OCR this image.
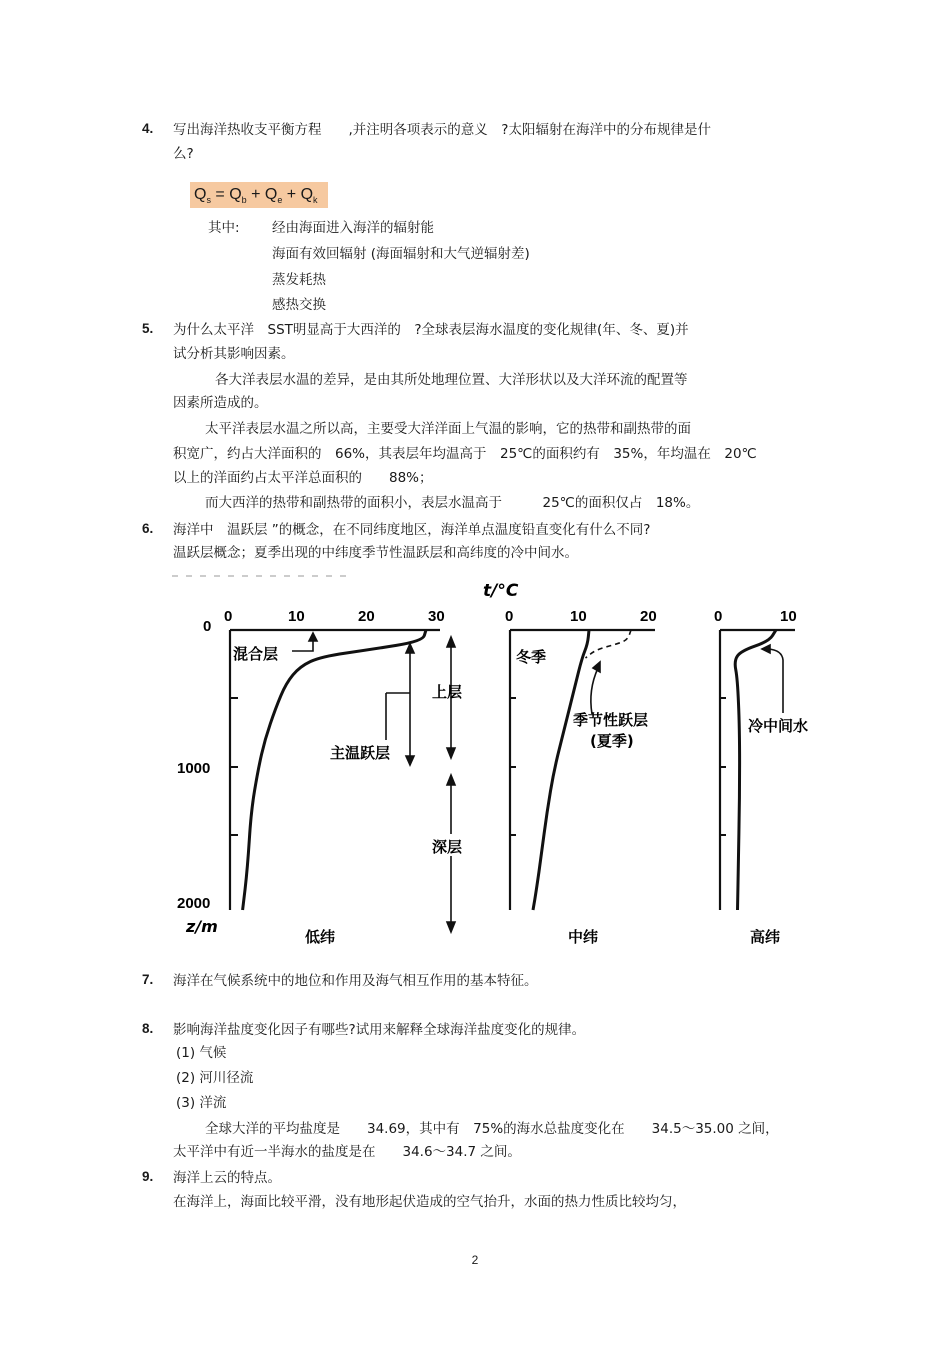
4. 写出海洋热收支平衡方程　　,并注明各项表示的意义　?太阳辐射在海洋中的分布规律是什
么?
$Q_s = Q_b + Q_e + Q_k$
其中: 经由海面进入海洋的辐射能
海面有效回辐射 (海面辐射和大气逆辐射差)
蒸发耗热
感热交换
5. 为什么太平洋　SST明显高于大西洋的　?全球表层海水温度的变化规律(年、冬、夏)并
试分析其影响因素。
各大洋表层水温的差异，是由其所处地理位置、大洋形状以及大洋环流的配置等
因素所造成的。
太平洋表层水温之所以高，主要受大洋洋面上气温的影响，它的热带和副热带的面
积宽广，约占大洋面积的　66%，其表层年均温高于　25℃的面积约有　35%，年均温在　20℃
以上的洋面约占太平洋总面积的　　88%；
而大西洋的热带和副热带的面积小，表层水温高于　　　25℃的面积仅占　18%。
6. 海洋中　温跃层 ”的概念，在不同纬度地区，海洋单点温度铅直变化有什么不同?
温跃层概念；夏季出现的中纬度季节性温跃层和高纬度的冷中间水。
t/°C
0
1000
2000
z/m
0	10	20	30	0	10	20	0	10
混合层
上层
主温跃层
深层
冬季
季节性跃层
(夏季)
冷中间水
低纬	中纬	高纬
7. 海洋在气候系统中的地位和作用及海气相互作用的基本特征。
8. 影响海洋盐度变化因子有哪些?试用来解释全球海洋盐度变化的规律。
(1) 气候
(2) 河川径流
(3) 洋流
全球大洋的平均盐度是　　34.69，其中有　75%的海水总盐度变化在　　34.5～35.00 之间，
太平洋中有近一半海水的盐度是在　　34.6～34.7 之间。
9. 海洋上云的特点。
在海洋上，海面比较平滑，没有地形起伏造成的空气抬升，水面的热力性质比较均匀，
2
